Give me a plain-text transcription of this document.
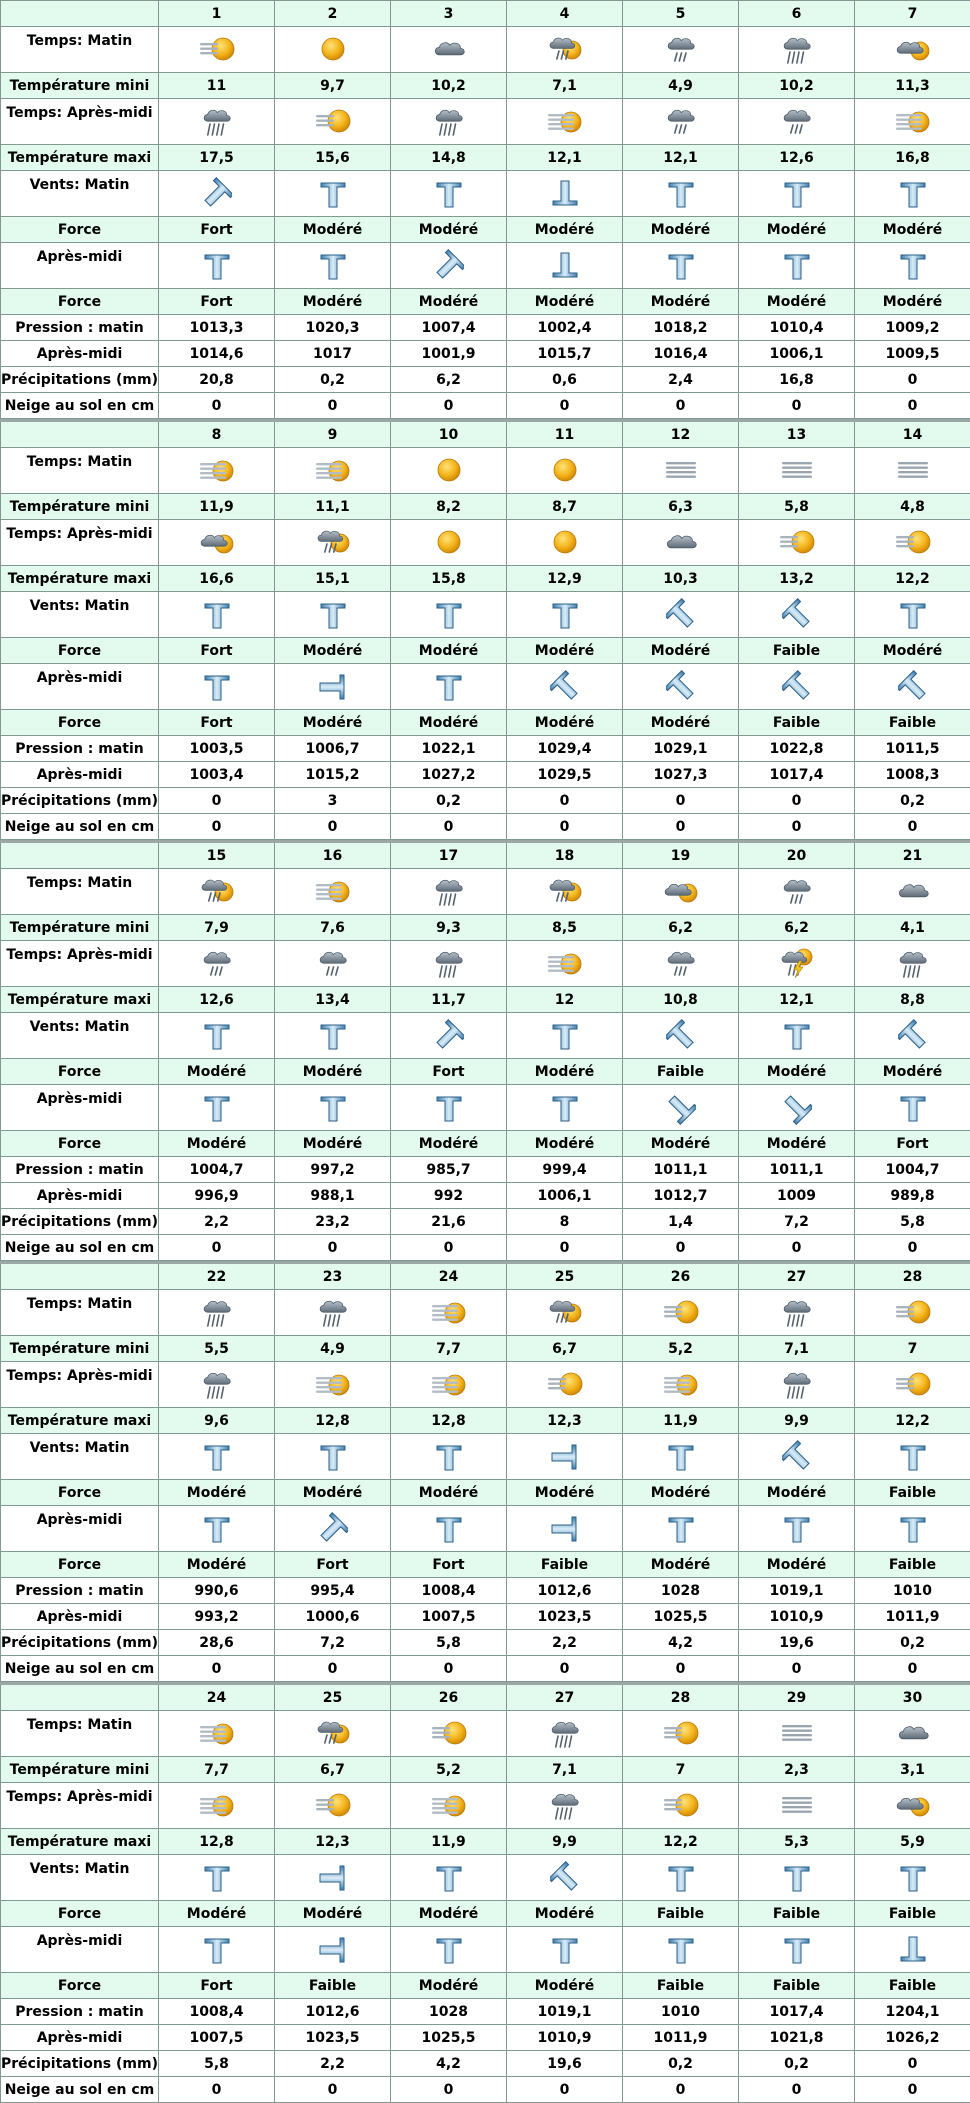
	1	2	3	4	5	6	7
Temps: Matin	

Température mini	11	9,7	10,2	7,1	4,9	10,2	11,3
Temps: Après-midi	

Température maxi	17,5	15,6	14,8	12,1	12,1	12,6	16,8
Vents: Matin	

Force	Fort	Modéré	Modéré	Modéré	Modéré	Modéré	Modéré
Après-midi	

Force	Fort	Modéré	Modéré	Modéré	Modéré	Modéré	Modéré
Pression : matin	1013,3	1020,3	1007,4	1002,4	1018,2	1010,4	1009,2
Après-midi	1014,6	1017	1001,9	1015,7	1016,4	1006,1	1009,5
Précipitations (mm)	20,8	0,2	6,2	0,6	2,4	16,8	0
Neige au sol en cm	0	0	0	0	0	0	0
	8	9	10	11	12	13	14
Temps: Matin	

Température mini	11,9	11,1	8,2	8,7	6,3	5,8	4,8
Temps: Après-midi	

Température maxi	16,6	15,1	15,8	12,9	10,3	13,2	12,2
Vents: Matin	

Force	Fort	Modéré	Modéré	Modéré	Modéré	Faible	Modéré
Après-midi	

Force	Fort	Modéré	Modéré	Modéré	Modéré	Faible	Faible
Pression : matin	1003,5	1006,7	1022,1	1029,4	1029,1	1022,8	1011,5
Après-midi	1003,4	1015,2	1027,2	1029,5	1027,3	1017,4	1008,3
Précipitations (mm)	0	3	0,2	0	0	0	0,2
Neige au sol en cm	0	0	0	0	0	0	0
	15	16	17	18	19	20	21
Temps: Matin	

Température mini	7,9	7,6	9,3	8,5	6,2	6,2	4,1
Temps: Après-midi	

Température maxi	12,6	13,4	11,7	12	10,8	12,1	8,8
Vents: Matin	

Force	Modéré	Modéré	Fort	Modéré	Faible	Modéré	Modéré
Après-midi	

Force	Modéré	Modéré	Modéré	Modéré	Modéré	Modéré	Fort
Pression : matin	1004,7	997,2	985,7	999,4	1011,1	1011,1	1004,7
Après-midi	996,9	988,1	992	1006,1	1012,7	1009	989,8
Précipitations (mm)	2,2	23,2	21,6	8	1,4	7,2	5,8
Neige au sol en cm	0	0	0	0	0	0	0
	22	23	24	25	26	27	28
Temps: Matin	

Température mini	5,5	4,9	7,7	6,7	5,2	7,1	7
Temps: Après-midi	

Température maxi	9,6	12,8	12,8	12,3	11,9	9,9	12,2
Vents: Matin	

Force	Modéré	Modéré	Modéré	Modéré	Modéré	Modéré	Faible
Après-midi	

Force	Modéré	Fort	Fort	Faible	Modéré	Modéré	Faible
Pression : matin	990,6	995,4	1008,4	1012,6	1028	1019,1	1010
Après-midi	993,2	1000,6	1007,5	1023,5	1025,5	1010,9	1011,9
Précipitations (mm)	28,6	7,2	5,8	2,2	4,2	19,6	0,2
Neige au sol en cm	0	0	0	0	0	0	0
	24	25	26	27	28	29	30
Temps: Matin	

Température mini	7,7	6,7	5,2	7,1	7	2,3	3,1
Temps: Après-midi	

Température maxi	12,8	12,3	11,9	9,9	12,2	5,3	5,9
Vents: Matin	

Force	Modéré	Modéré	Modéré	Modéré	Faible	Faible	Faible
Après-midi	

Force	Fort	Faible	Modéré	Modéré	Faible	Faible	Faible
Pression : matin	1008,4	1012,6	1028	1019,1	1010	1017,4	1204,1
Après-midi	1007,5	1023,5	1025,5	1010,9	1011,9	1021,8	1026,2
Précipitations (mm)	5,8	2,2	4,2	19,6	0,2	0,2	0
Neige au sol en cm	0	0	0	0	0	0	0
